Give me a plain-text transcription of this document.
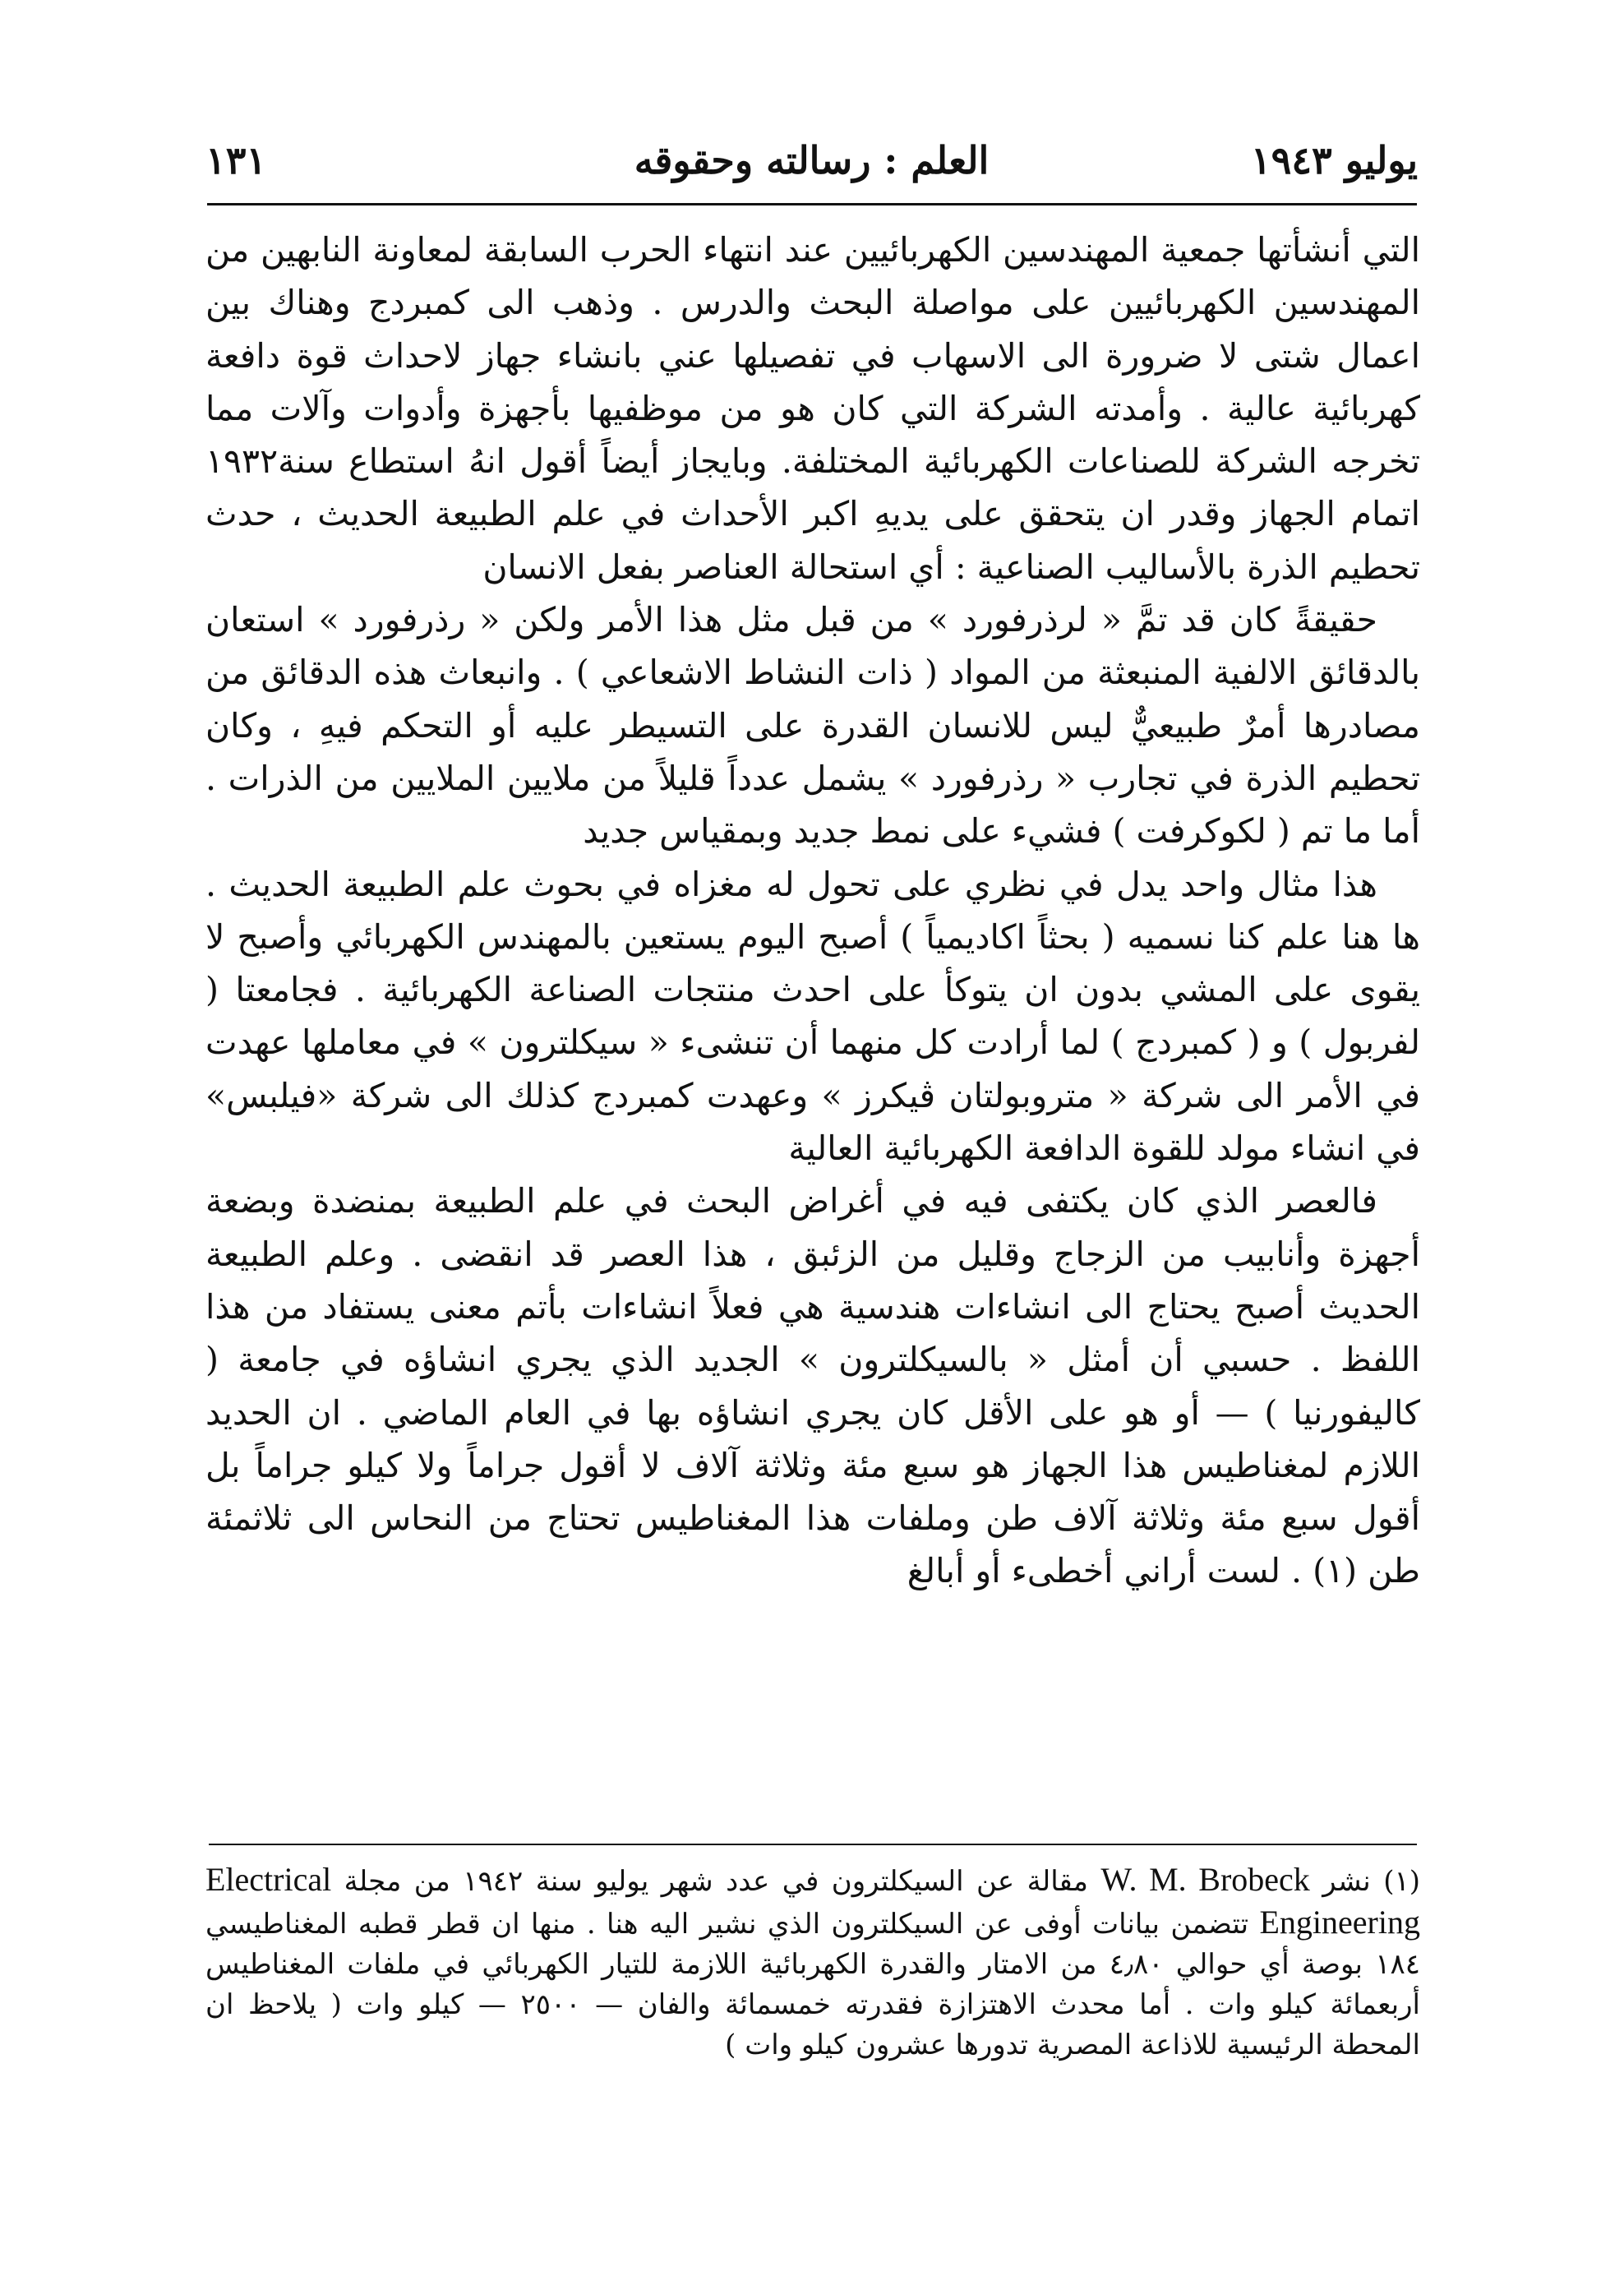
يوليو ١٩٤٣
العلم : رسالته وحقوقه
١٣١

التي أنشأتها جمعية المهندسين الكهربائيين عند انتهاء الحرب السابقة لمعاونة النابهين من المهندسين الكهربائيين على مواصلة البحث والدرس . وذهب الى كمبردج وهناك بين اعمال شتى لا ضرورة الى الاسهاب في تفصيلها عني بانشاء جهاز لاحداث قوة دافعة كهربائية عالية . وأمدته الشركة التي كان هو من موظفيها بأجهزة وأدوات وآلات مما تخرجه الشركة للصناعات الكهربائية المختلفة. وبايجاز أيضاً أقول انهُ استطاع سنة١٩٣٢ اتمام الجهاز وقدر ان يتحقق على يديهِ اكبر الأحداث في علم الطبيعة الحديث ، حدث تحطيم الذرة بالأساليب الصناعية : أي استحالة العناصر بفعل الانسان

حقيقةً كان قد تمَّ « لرذرفورد » من قبل مثل هذا الأمر ولكن « رذرفورد » استعان بالدقائق الالفية المنبعثة من المواد ( ذات النشاط الاشعاعي ) . وانبعاث هذه الدقائق من مصادرها أمرٌ طبيعيٌّ ليس للانسان القدرة على التسيطر عليه أو التحكم فيهِ ، وكان تحطيم الذرة في تجارب « رذرفورد » يشمل عدداً قليلاً من ملايين الملايين من الذرات . أما ما تم ( لكوكرفت ) فشيء على نمط جديد وبمقياس جديد

هذا مثال واحد يدل في نظري على تحول له مغزاه في بحوث علم الطبيعة الحديث . ها هنا علم كنا نسميه ( بحثاً اكاديمياً ) أصبح اليوم يستعين بالمهندس الكهربائي وأصبح لا يقوى على المشي بدون ان يتوكأ على احدث منتجات الصناعة الكهربائية . فجامعتا ( لفربول ) و ( كمبردج ) لما أرادت كل منهما أن تنشىء « سيكلترون » في معاملها عهدت في الأمر الى شركة « متروبولتان ڤيكرز » وعهدت كمبردج كذلك الى شركة «فيلبس» في انشاء مولد للقوة الدافعة الكهربائية العالية

فالعصر الذي كان يكتفى فيه في أغراض البحث في علم الطبيعة بمنضدة وبضعة أجهزة وأنابيب من الزجاج وقليل من الزئبق ، هذا العصر قد انقضى . وعلم الطبيعة الحديث أصبح يحتاج الى انشاءات هندسية هي فعلاً انشاءات بأتم معنى يستفاد من هذا اللفظ . حسبي أن أمثل « بالسيكلترون » الجديد الذي يجري انشاؤه في جامعة ( كاليفورنيا ) — أو هو على الأقل كان يجري انشاؤه بها في العام الماضي . ان الحديد اللازم لمغناطيس هذا الجهاز هو سبع مئة وثلاثة آلاف لا أقول جراماً ولا كيلو جراماً بل أقول سبع مئة وثلاثة آلاف طن وملفات هذا المغناطيس تحتاج من النحاس الى ثلاثمئة طن (١) . لست أراني أخطىء أو أبالغ

(١) نشر W. M. Brobeck مقالة عن السيكلترون في عدد شهر يوليو سنة ١٩٤٢ من مجلة Electrical Engineering تتضمن بيانات أوفى عن السيكلترون الذي نشير اليه هنا . منها ان قطر قطبه المغناطيسي ١٨٤ بوصة أي حوالي ٤٫٨٠ من الامتار والقدرة الكهربائية اللازمة للتيار الكهربائي في ملفات المغناطيس أربعمائة كيلو وات . أما محدث الاهتزازة فقدرته خمسمائة والفان — ٢٥٠٠ — كيلو وات ( يلاحظ ان المحطة الرئيسية للاذاعة المصرية تدورها عشرون كيلو وات )
